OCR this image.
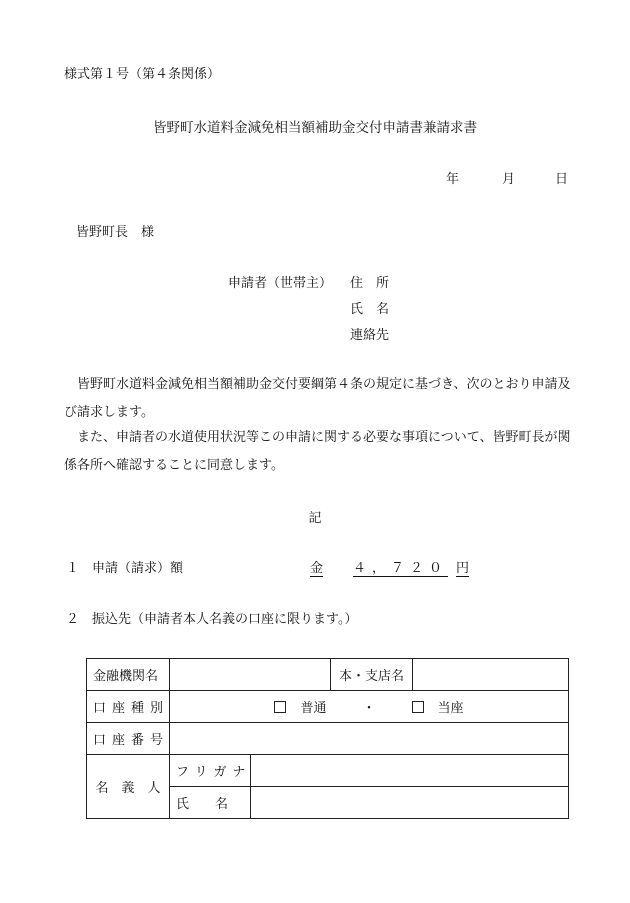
様式第１号（第４条関係）
皆野町水道料金減免相当額補助金交付申請書兼請求書
年	月	日
皆野町長　様
申請者（世帯主） 住　所
氏　名
連絡先
皆野町水道料金減免相当額補助金交付要綱第４条の規定に基づき、次のとおり申請及び請求します。
また、申請者の水道使用状況等この申請に関する必要な事項について、皆野町長が関係各所へ確認することに同意します。
記
１ 申請（請求）額	金 ４，７２０ 円
２ 振込先（申請者本人名義の口座に限ります。）
金融機関名			本・支店名	
口座種別	普通 ・ 当座			
口座番号				
名　義　人	フリガナ			
	氏　　名			
